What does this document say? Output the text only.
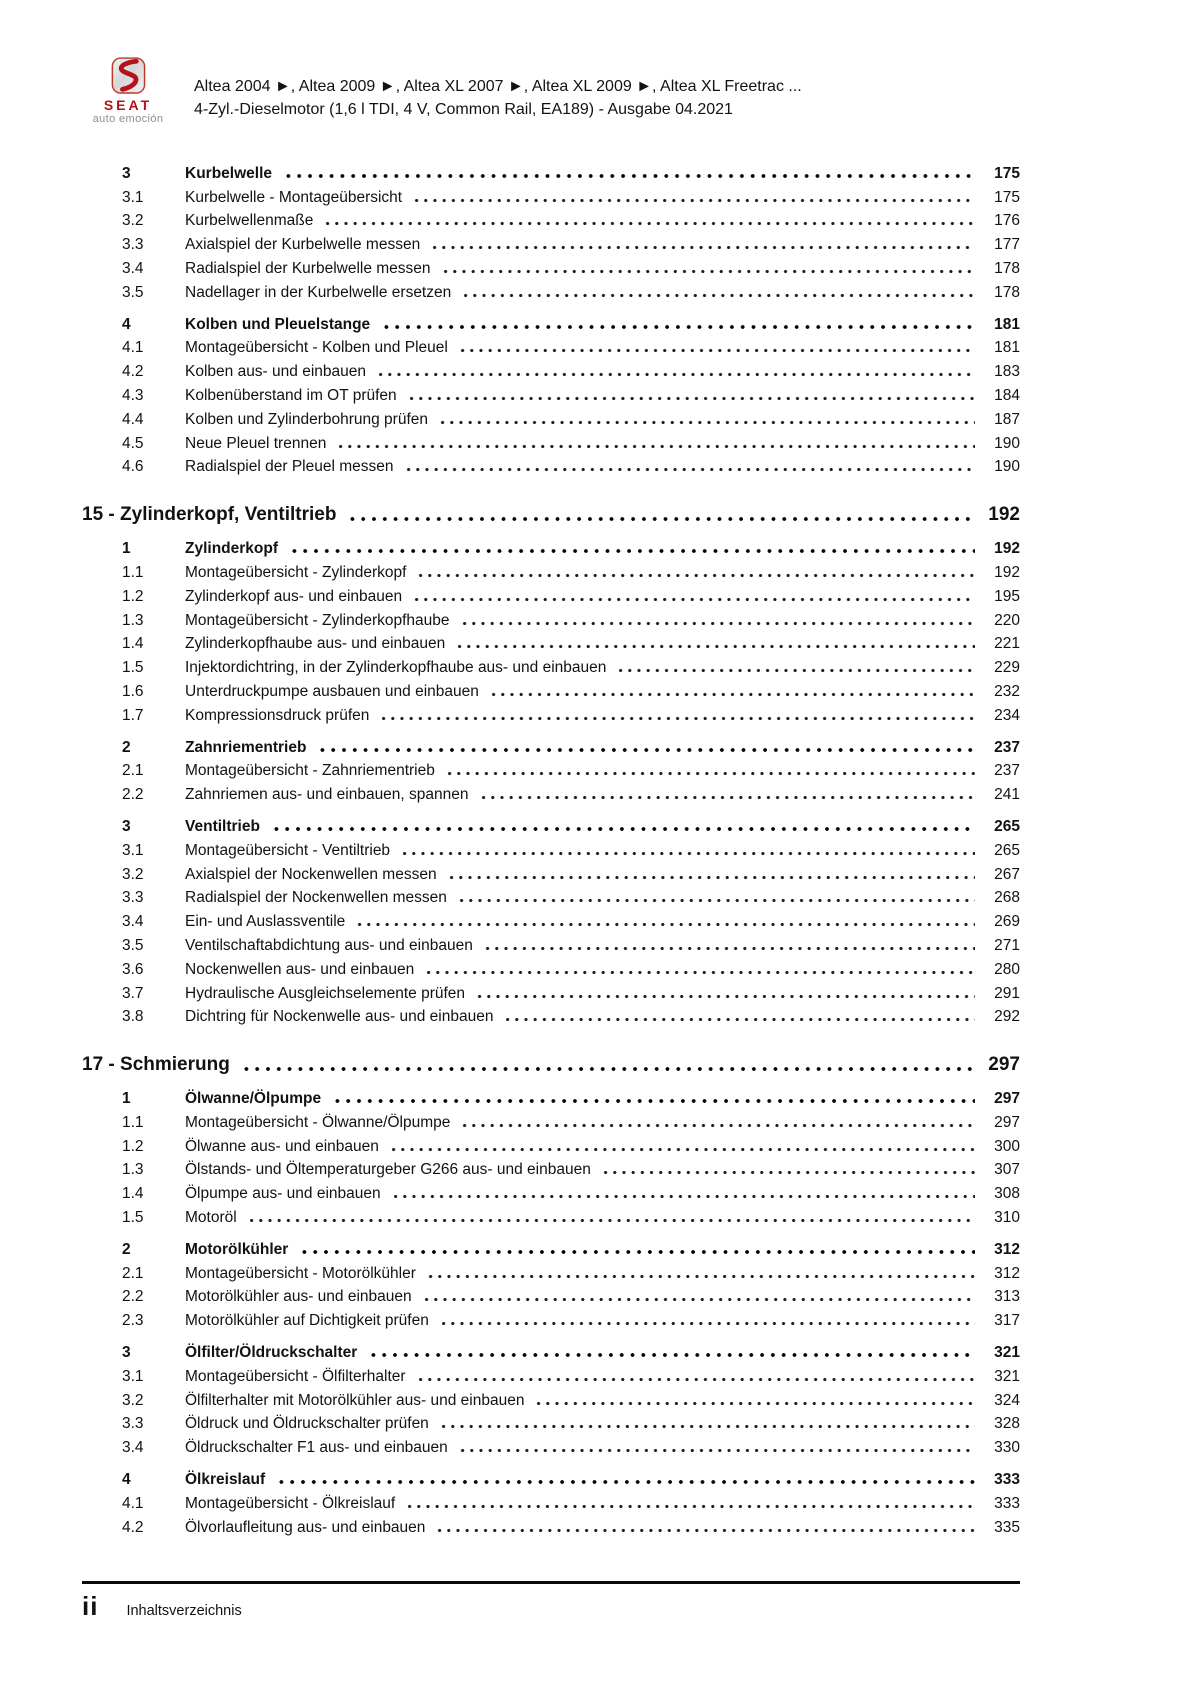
SEAT
auto emoción
Altea 2004 ►, Altea 2009 ►, Altea XL 2007 ►, Altea XL 2009 ►, Altea XL Freetrac ...
4-Zyl.-Dieselmotor (1,6 l TDI, 4 V, Common Rail, EA189) - Ausgabe 04.2021
3	Kurbelwelle	175
3.1	Kurbelwelle - Montageübersicht	175
3.2	Kurbelwellenmaße	176
3.3	Axialspiel der Kurbelwelle messen	177
3.4	Radialspiel der Kurbelwelle messen	178
3.5	Nadellager in der Kurbelwelle ersetzen	178
4	Kolben und Pleuelstange	181
4.1	Montageübersicht - Kolben und Pleuel	181
4.2	Kolben aus- und einbauen	183
4.3	Kolbenüberstand im OT prüfen	184
4.4	Kolben und Zylinderbohrung prüfen	187
4.5	Neue Pleuel trennen	190
4.6	Radialspiel der Pleuel messen	190
15 - Zylinderkopf, Ventiltrieb	192
1	Zylinderkopf	192
1.1	Montageübersicht - Zylinderkopf	192
1.2	Zylinderkopf aus- und einbauen	195
1.3	Montageübersicht - Zylinderkopfhaube	220
1.4	Zylinderkopfhaube aus- und einbauen	221
1.5	Injektordichtring, in der Zylinderkopfhaube aus- und einbauen	229
1.6	Unterdruckpumpe ausbauen und einbauen	232
1.7	Kompressionsdruck prüfen	234
2	Zahnriementrieb	237
2.1	Montageübersicht - Zahnriementrieb	237
2.2	Zahnriemen aus- und einbauen, spannen	241
3	Ventiltrieb	265
3.1	Montageübersicht - Ventiltrieb	265
3.2	Axialspiel der Nockenwellen messen	267
3.3	Radialspiel der Nockenwellen messen	268
3.4	Ein- und Auslassventile	269
3.5	Ventilschaftabdichtung aus- und einbauen	271
3.6	Nockenwellen aus- und einbauen	280
3.7	Hydraulische Ausgleichselemente prüfen	291
3.8	Dichtring für Nockenwelle aus- und einbauen	292
17 - Schmierung	297
1	Ölwanne/Ölpumpe	297
1.1	Montageübersicht - Ölwanne/Ölpumpe	297
1.2	Ölwanne aus- und einbauen	300
1.3	Ölstands- und Öltemperaturgeber G266 aus- und einbauen	307
1.4	Ölpumpe aus- und einbauen	308
1.5	Motoröl	310
2	Motorölkühler	312
2.1	Montageübersicht - Motorölkühler	312
2.2	Motorölkühler aus- und einbauen	313
2.3	Motorölkühler auf Dichtigkeit prüfen	317
3	Ölfilter/Öldruckschalter	321
3.1	Montageübersicht - Ölfilterhalter	321
3.2	Ölfilterhalter mit Motorölkühler aus- und einbauen	324
3.3	Öldruck und Öldruckschalter prüfen	328
3.4	Öldruckschalter F1 aus- und einbauen	330
4	Ölkreislauf	333
4.1	Montageübersicht - Ölkreislauf	333
4.2	Ölvorlaufleitung aus- und einbauen	335
ii Inhaltsverzeichnis
